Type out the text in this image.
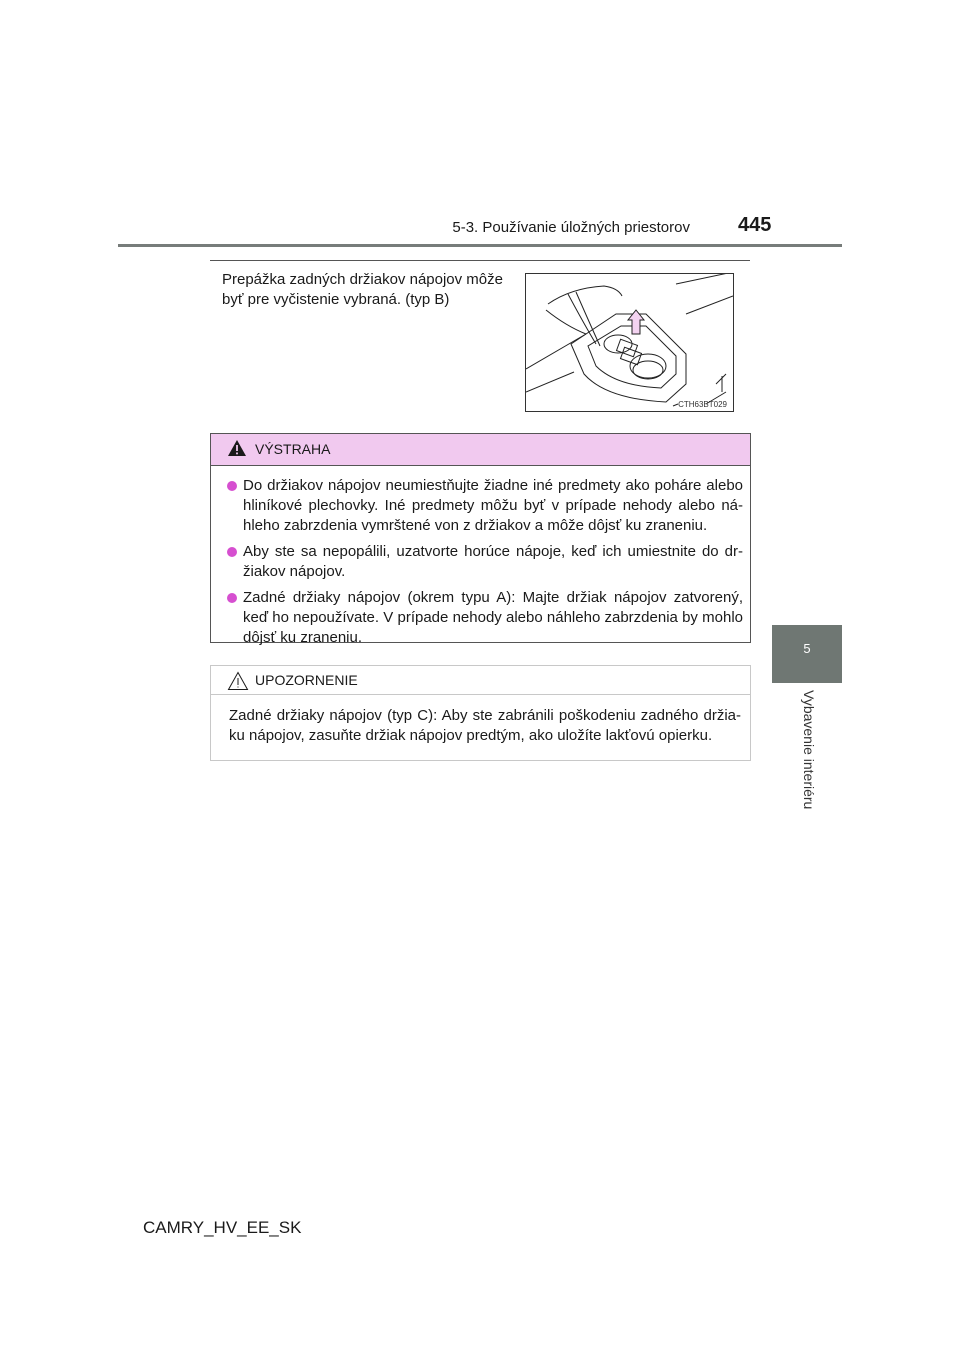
5-3. Používanie úložných priestorov 445
5
Vybavenie interiéru
Prepážka zadných držiakov nápojov môže byť pre vyčistenie vybraná. (typ B)
CTH63BT029
VÝSTRAHA
Do držiakov nápojov neumiestňujte žiadne iné predmety ako poháre alebo hliníkové plechovky. Iné predmety môžu byť v prípade nehody alebo ná- hleho zabrzdenia vymrštené von z držiakov a môže dôjsť ku zraneniu.
Aby ste sa nepopálili, uzatvorte horúce nápoje, keď ich umiestnite do dr- žiakov nápojov.
Zadné držiaky nápojov (okrem typu A): Majte držiak nápojov zatvorený, keď ho nepoužívate. V prípade nehody alebo náhleho zabrzdenia by mohlo dôjsť ku zraneniu.
UPOZORNENIE
Zadné držiaky nápojov (typ C): Aby ste zabránili poškodeniu zadného držia- ku nápojov, zasuňte držiak nápojov predtým, ako uložíte lakťovú opierku.
CAMRY_HV_EE_SK
